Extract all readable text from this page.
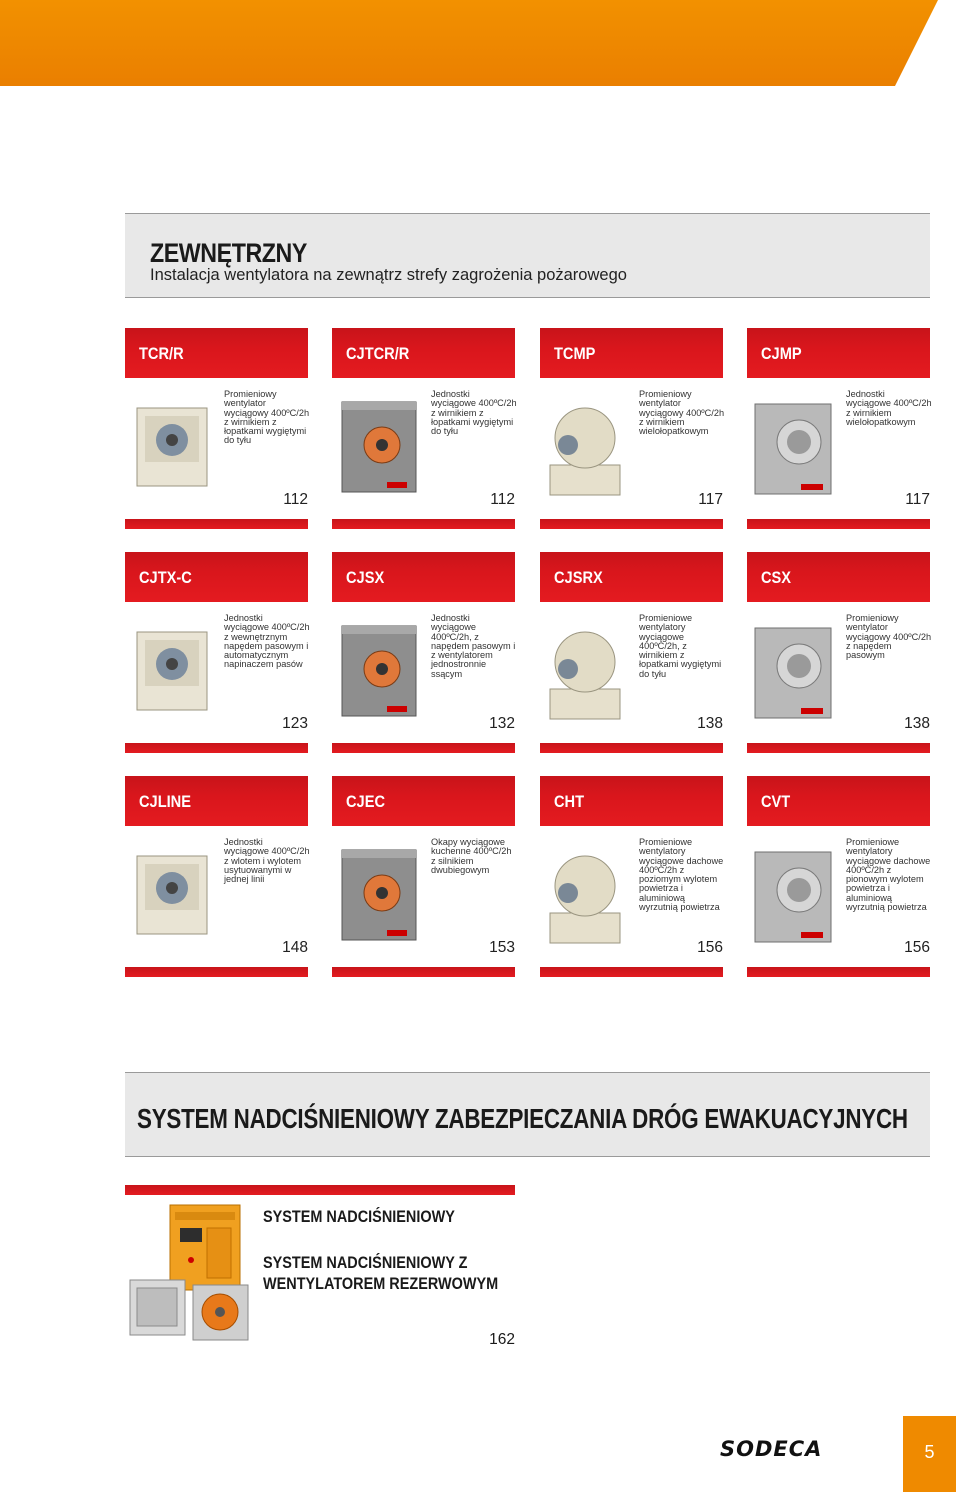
ZEWNĘTRZNY
Instalacja wentylatora na zewnątrz strefy zagrożenia pożarowego
TCR/R
Promieniowy wentylator wyciągowy 400ºC/2h z wirnikiem z łopatkami wygiętymi do tyłu
112
CJTCR/R
Jednostki wyciągowe 400ºC/2h z wirnikiem z łopatkami wygiętymi do tyłu
112
TCMP
Promieniowy wentylator wyciągowy 400ºC/2h z wirnikiem wielołopatkowym
117
CJMP
Jednostki wyciągowe 400ºC/2h z wirnikiem wielołopatkowym
117
CJTX-C
Jednostki wyciągowe 400ºC/2h z wewnętrznym napędem pasowym i automatycznym napinaczem pasów
123
CJSX
Jednostki wyciągowe 400ºC/2h, z napędem pasowym i z wentylatorem jednostronnie ssącym
132
CJSRX
Promieniowe wentylatory wyciągowe 400ºC/2h, z wirnikiem z łopatkami wygiętymi do tyłu
138
CSX
Promieniowy wentylator wyciągowy 400ºC/2h z napędem pasowym
138
CJLINE
Jednostki wyciągowe 400ºC/2h z wlotem i wylotem usytuowanymi w jednej linii
148
CJEC
Okapy wyciągowe kuchenne 400ºC/2h z silnikiem dwubiegowym
153
CHT
Promieniowe wentylatory wyciągowe dachowe 400ºC/2h z poziomym wylotem powietrza i aluminiową wyrzutnią powietrza
156
CVT
Promieniowe wentylatory wyciągowe dachowe 400ºC/2h z pionowym wylotem powietrza i aluminiową wyrzutnią powietrza
156
SYSTEM NADCIŚNIENIOWY ZABEZPIECZANIA DRÓG EWAKUACYJNYCH
SYSTEM NADCIŚNIENIOWY
SYSTEM NADCIŚNIENIOWY Z
WENTYLATOREM REZERWOWYM
162
SODECA	5
